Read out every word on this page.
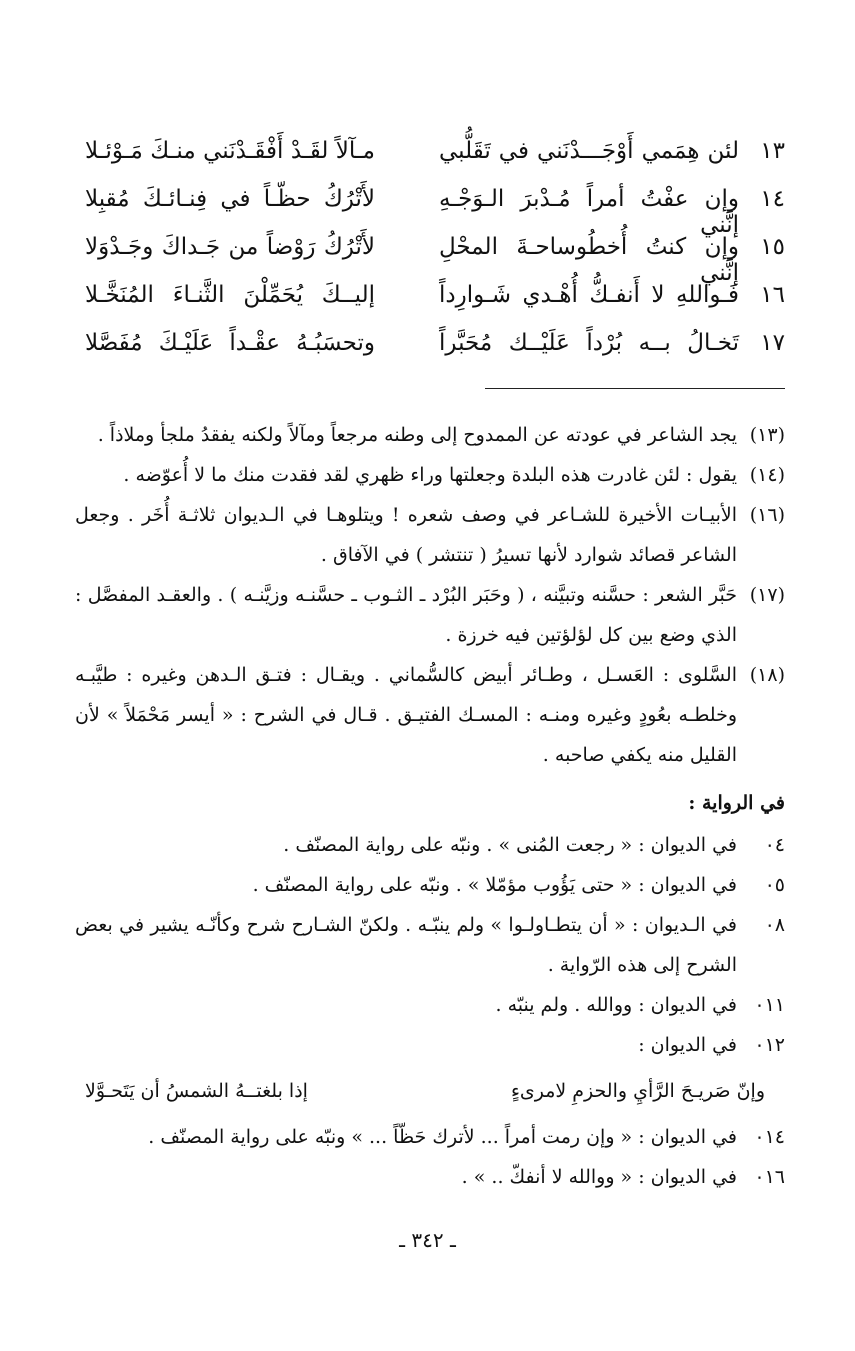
١٣
لئن هِمَمي أَوْجَـــدْنَني في تَقَلُّبي
مـآلاً لقَـدْ أَفْقَـدْنَني منـكَ مَـوْئـلا
١٤
وإن عفْتُ أمراً مُـدْبرَ الـوَجْـهِ إنَّني
لأَتْرُكُ حظّـاً في فِنـائـكَ مُقبِلا
١٥
وإن كنتُ أُخطُوساحـةَ المحْلِ إنَّني
لأَتْرُكُ رَوْضاً من جَـداكَ وجَـدْوَلا
١٦
فَـواللهِ لا أَنفـكُّ أُهْـدي شَـوارِداً
إليــكَ يُحَمِّلْنَ الثَّنـاءَ المُنَخَّـلا
١٧
تَخـالُ بــه بُرْداً عَلَيْــك مُحَبَّراً
وتحسَبُـهُ عقْـداً عَلَيْـكَ مُفَصَّلا

(١٣)
يجد الشاعر في عودته عن الممدوح إلى وطنه مرجعاً ومآلاً ولكنه يفقدُ ملجأ وملاذاً .

(١٤)
يقول : لئن غادرت هذه البلدة وجعلتها وراء ظهري لقد فقدت منك ما لا أُعوّضه .

(١٦)
الأبيـات الأخيرة للشـاعر في وصف شعره ! ويتلوهـا في الـديوان ثلاثـة أُخَر . وجعل الشاعر قصائد شوارد لأنها تسيرُ ( تنتشر ) في الآفاق .

(١٧)
حَبَّر الشعر : حسَّنه وتبيَّنه ، ( وحَبَر البُرْد ـ الثـوب ـ حسَّنـه وزيَّنـه ) . والعقـد المفصَّل : الذي وضع بين كل لؤلؤتين فيه خرزة .

(١٨)
السَّلوى : العَسـل ، وطـائر أبيض كالسُّماني . ويقـال : فتـق الـدهن وغيره : طيَّبـه وخلطـه بعُودٍ وغيره ومنـه : المسـك الفتيـق . قـال في الشرح : « أيسر مَحْمَلاً » لأن القليل منه يكفي صاحبه .

في الرواية :

٠٤
في الديوان : « رجعت المُنى » . ونبّه على رواية المصنّف .

٠٥
في الديوان : « حتى يَؤُوب مؤمّلا » . ونبّه على رواية المصنّف .

٠٨
في الـديوان : « أن يتطـاولـوا » ولم ينبّـه . ولكنّ الشـارح شرح وكأنّـه يشير في بعض الشرح إلى هذه الرّواية .

٠١١
في الديوان : ووالله . ولم ينبّه .

٠١٢
في الديوان :

وإنّ صَريـحَ الرَّأيِ والحزمِ لامرىءٍ
إذا بلغتــهُ الشمسُ أن يَتَحـوَّلا

٠١٤
في الديوان : « وإن رمت أمراً ... لأترك حَظّاً ... » ونبّه على رواية المصنّف .

٠١٦
في الديوان : « ووالله لا أنفكّ .. » .

ـ ٣٤٢ ـ
